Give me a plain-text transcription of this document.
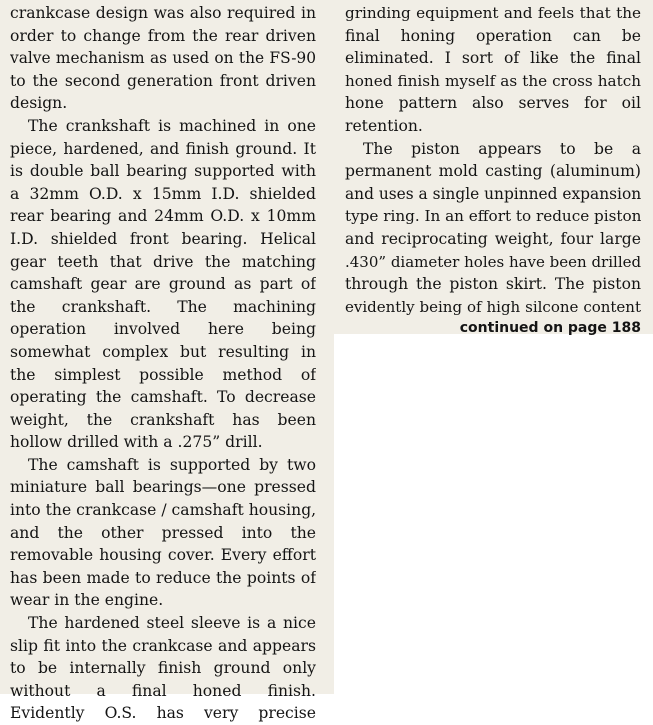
crankcase design was also required in
order to change from the rear driven
valve mechanism as used on the FS-90
to the second generation front driven
design.
The crankshaft is machined in one
piece, hardened, and finish ground. It
is double ball bearing supported with
a 32mm O.D. x 15mm I.D. shielded
rear bearing and 24mm O.D. x 10mm
I.D. shielded front bearing. Helical
gear teeth that drive the matching
camshaft gear are ground as part of
the crankshaft. The machining
operation involved here being
somewhat complex but resulting in
the simplest possible method of
operating the camshaft. To decrease
weight, the crankshaft has been
hollow drilled with a .275” drill.
The camshaft is supported by two
miniature ball bearings—one pressed
into the crankcase / camshaft housing,
and the other pressed into the
removable housing cover. Every effort
has been made to reduce the points of
wear in the engine.
The hardened steel sleeve is a nice
slip fit into the crankcase and appears
to be internally finish ground only
without a final honed finish.
Evidently O.S. has very precise
grinding equipment and feels that the
final honing operation can be
eliminated. I sort of like the final
honed finish myself as the cross hatch
hone pattern also serves for oil
retention.
The piston appears to be a
permanent mold casting (aluminum)
and uses a single unpinned expansion
type ring. In an effort to reduce piston
and reciprocating weight, four large
.430” diameter holes have been drilled
through the piston skirt. The piston
evidently being of high silcone content
continued on page 188
